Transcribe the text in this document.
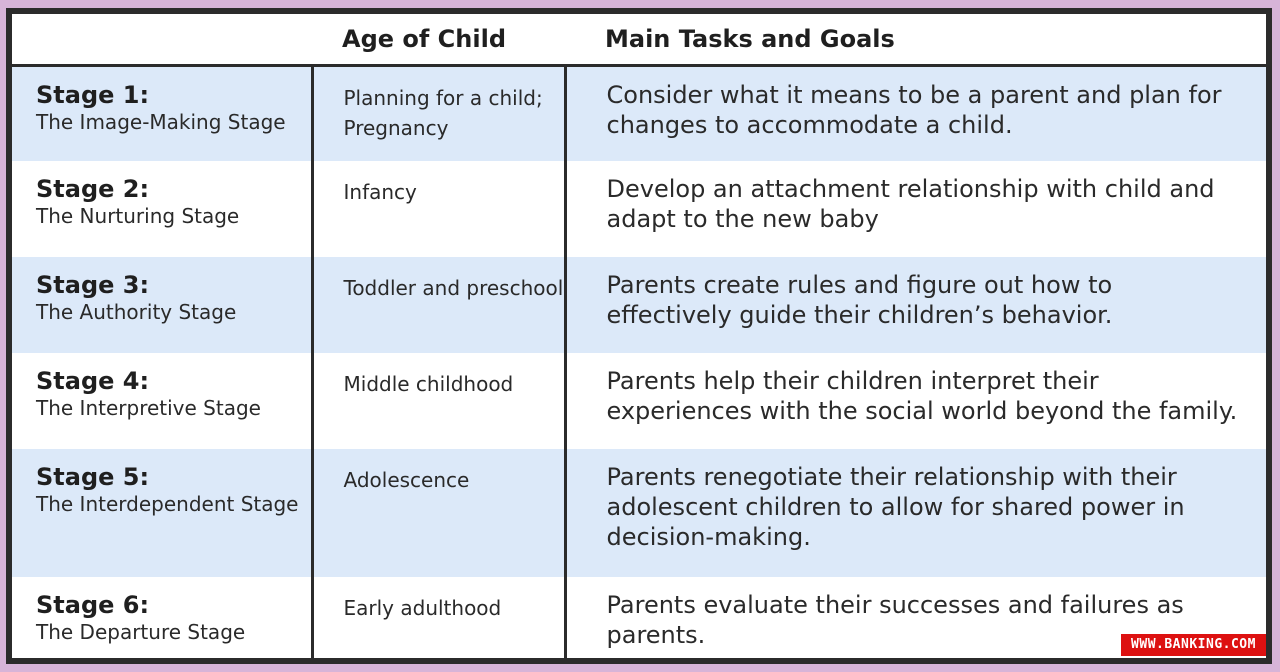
	Age of Child	Main Tasks and Goals

Stage 1:
The Image-Making Stage	Planning for a child; Pregnancy	Consider what it means to be a parent and plan for changes to accommodate a child.

Stage 2:
The Nurturing Stage	Infancy	Develop an attachment relationship with child and adapt to the new baby

Stage 3:
The Authority Stage	Toddler and preschool	Parents create rules and figure out how to effectively guide their children’s behavior.

Stage 4:
The Interpretive Stage	Middle childhood	Parents help their children interpret their experiences with the social world beyond the family.

Stage 5:
The Interdependent Stage	Adolescence	Parents renegotiate their relationship with their adolescent children to allow for shared power in decision-making.

Stage 6:
The Departure Stage	Early adulthood	Parents evaluate their successes and failures as parents.	WWW.BANKING.COM
